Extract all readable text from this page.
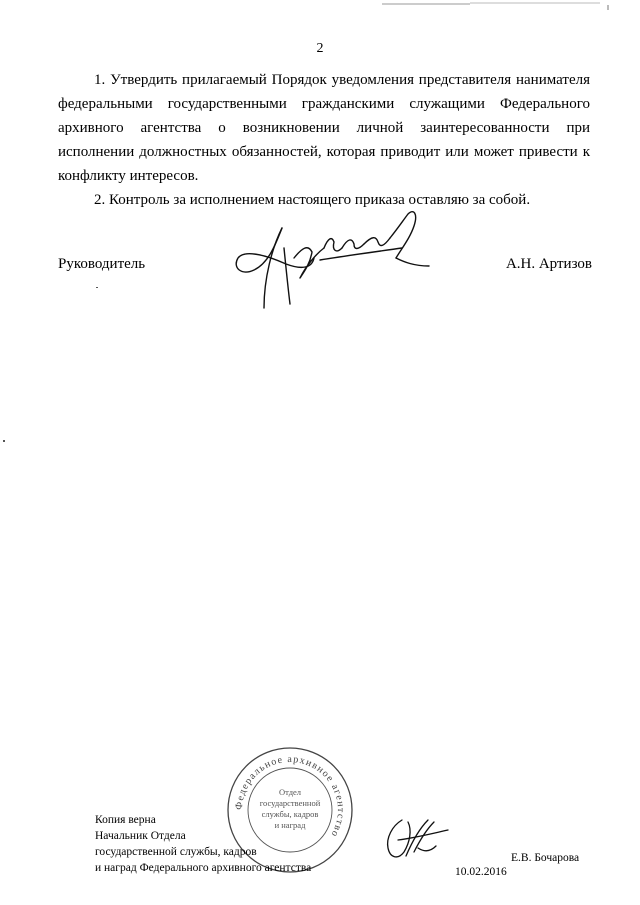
2

1. Утвердить прилагаемый Порядок уведомления представителя нанимателя федеральными государственными гражданскими служащими Федерального архивного агентства о возникновении личной заинтересованности при исполнении должностных обязанностей, которая приводит или может привести к конфликту интересов.

2. Контроль за исполнением настоящего приказа оставляю за собой.

Руководитель	А.Н. Артизов
Федеральное архивное агентство
Отдел
государственной
службы, кадров
и наград
Копия верна
Начальник Отдела
государственной службы, кадров
и наград Федерального архивного агентства
Е.В. Бочарова
10.02.2016
